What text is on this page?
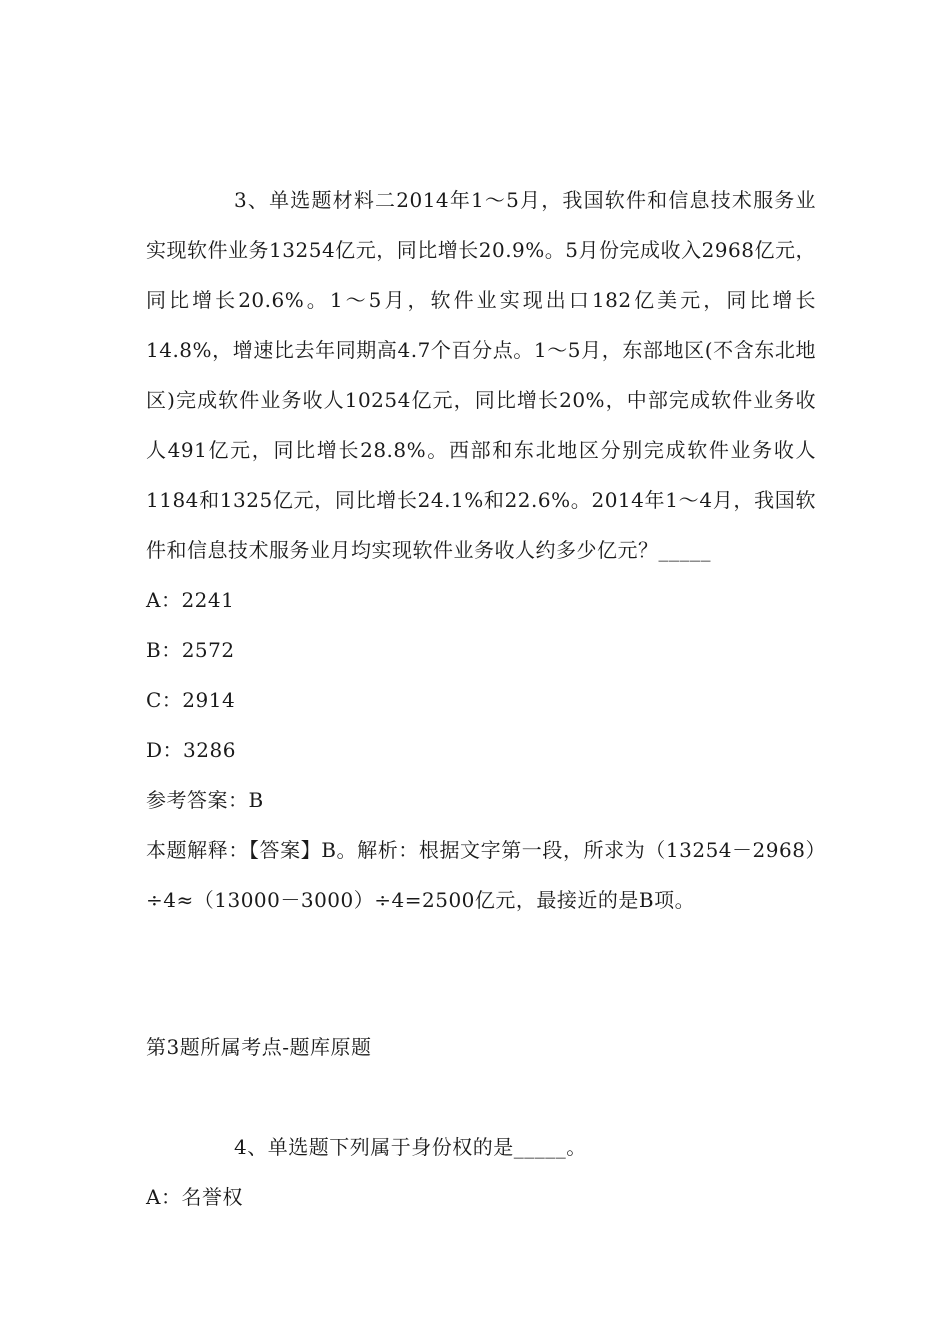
3、单选题材料二2014年1～5月，我国软件和信息技术服务业实现软件业务13254亿元，同比增长20.9%。5月份完成收入2968亿元，同比增长20.6%。1～5月，软件业实现出口182亿美元，同比增长14.8%，增速比去年同期高4.7个百分点。1～5月，东部地区(不含东北地区)完成软件业务收人10254亿元，同比增长20%，中部完成软件业务收人491亿元，同比增长28.8%。西部和东北地区分别完成软件业务收人1184和1325亿元，同比增长24.1%和22.6%。2014年1～4月，我国软件和信息技术服务业月均实现软件业务收人约多少亿元？_____

A：2241

B：2572

C：2914

D：3286

参考答案：B

本题解释：【答案】B。解析：根据文字第一段，所求为（13254－2968）÷4≈（13000－3000）÷4=2500亿元，最接近的是B项。

第3题所属考点-题库原题

4、单选题下列属于身份权的是_____。

A：名誉权
